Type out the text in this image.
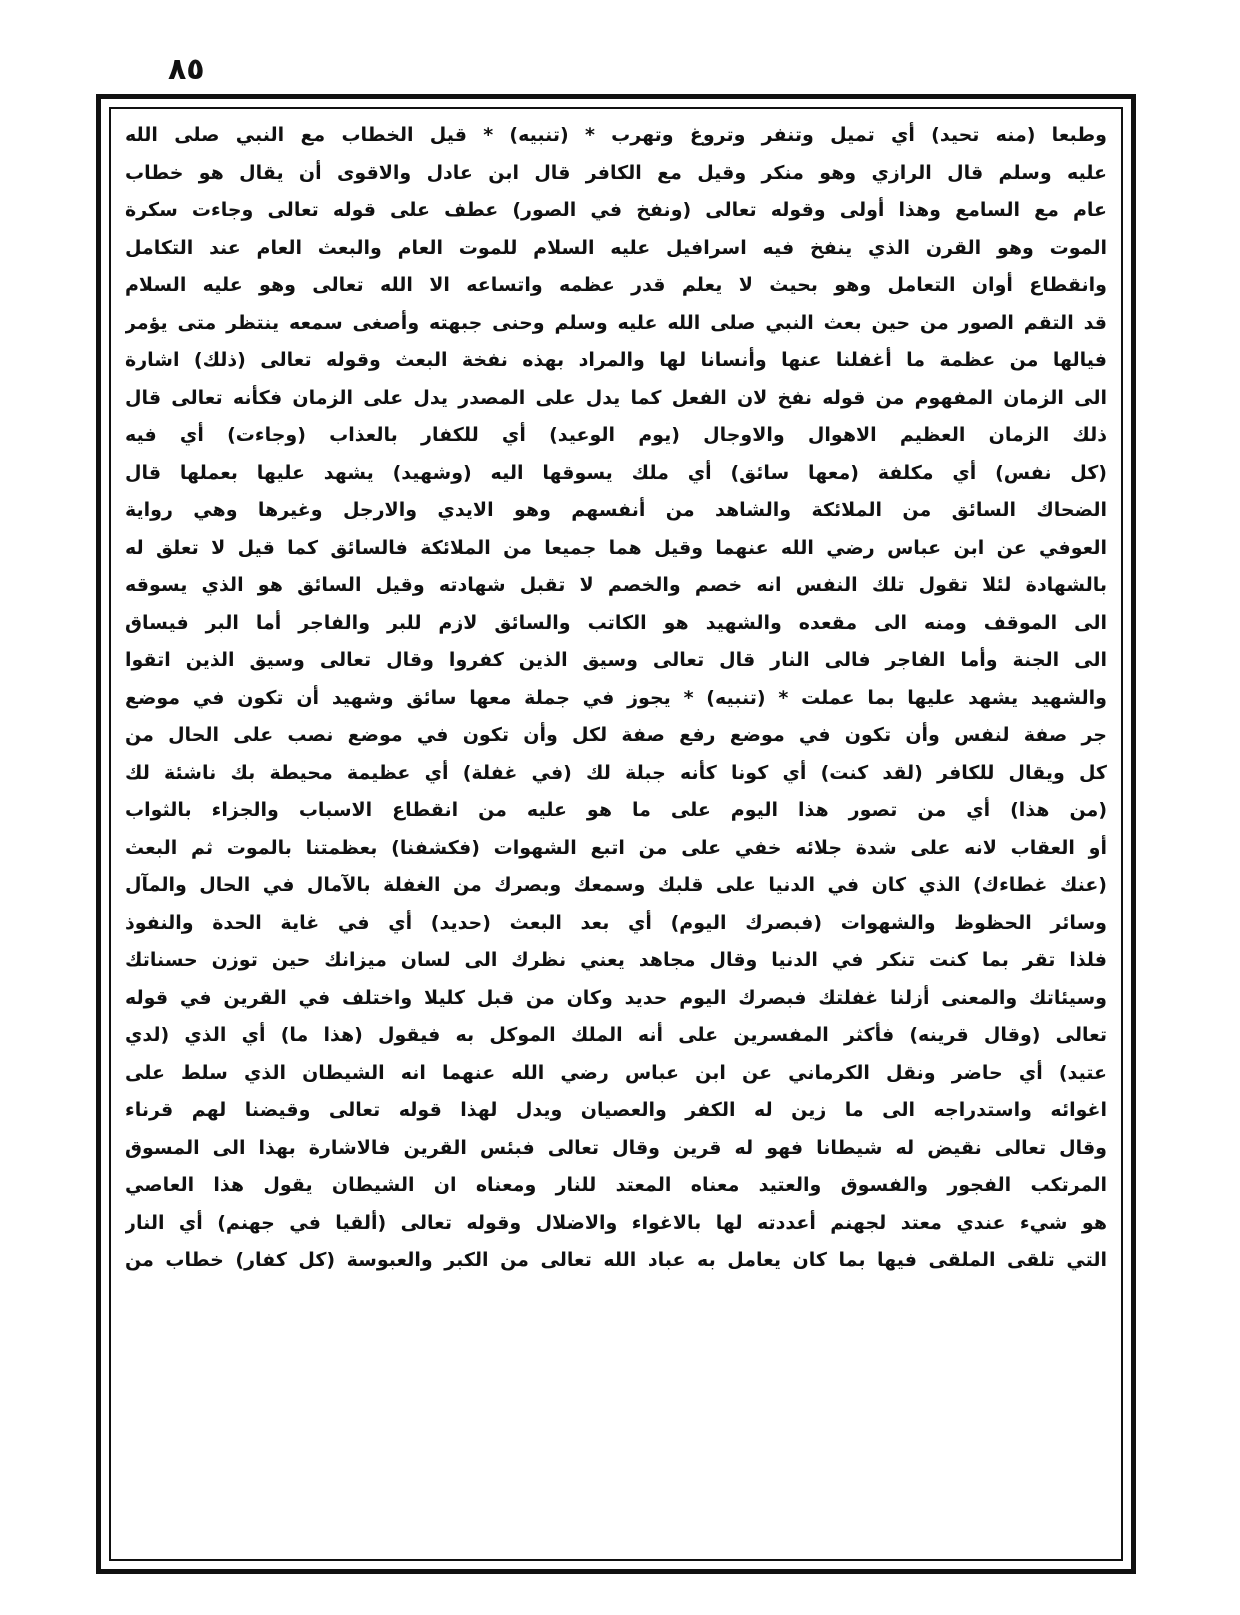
٨٥
وطبعا (منه تحيد) أي تميل وتنفر وتروغ وتهرب * (تنبيه) * قيل الخطاب مع النبي صلى الله
عليه وسلم قال الرازي وهو منكر وقيل مع الكافر قال ابن عادل والاقوى أن يقال هو خطاب
عام مع السامع وهذا أولى وقوله تعالى (ونفخ في الصور) عطف على قوله تعالى وجاءت سكرة
الموت وهو القرن الذي ينفخ فيه اسرافيل عليه السلام للموت العام والبعث العام عند التكامل
وانقطاع أوان التعامل وهو بحيث لا يعلم قدر عظمه واتساعه الا الله تعالى وهو عليه السلام
قد التقم الصور من حين بعث النبي صلى الله عليه وسلم وحنى جبهته وأصغى سمعه ينتظر متى يؤمر
فيالها من عظمة ما أغفلنا عنها وأنسانا لها والمراد بهذه نفخة البعث وقوله تعالى (ذلك) اشارة
الى الزمان المفهوم من قوله نفخ لان الفعل كما يدل على المصدر يدل على الزمان فكأنه تعالى قال
ذلك الزمان العظيم الاهوال والاوجال (يوم الوعيد) أي للكفار بالعذاب (وجاءت) أي فيه
(كل نفس) أي مكلفة (معها سائق) أي ملك يسوقها اليه (وشهيد) يشهد عليها بعملها قال
الضحاك السائق من الملائكة والشاهد من أنفسهم وهو الايدي والارجل وغيرها وهي رواية
العوفي عن ابن عباس رضي الله عنهما وقيل هما جميعا من الملائكة فالسائق كما قيل لا تعلق له
بالشهادة لئلا تقول تلك النفس انه خصم والخصم لا تقبل شهادته وقيل السائق هو الذي يسوقه
الى الموقف ومنه الى مقعده والشهيد هو الكاتب والسائق لازم للبر والفاجر أما البر فيساق
الى الجنة وأما الفاجر فالى النار قال تعالى وسيق الذين كفروا وقال تعالى وسيق الذين اتقوا
والشهيد يشهد عليها بما عملت * (تنبيه) * يجوز في جملة معها سائق وشهيد أن تكون في موضع
جر صفة لنفس وأن تكون في موضع رفع صفة لكل وأن تكون في موضع نصب على الحال من
كل ويقال للكافر (لقد كنت) أي كونا كأنه جبلة لك (في غفلة) أي عظيمة محيطة بك ناشئة لك
(من هذا) أي من تصور هذا اليوم على ما هو عليه من انقطاع الاسباب والجزاء بالثواب
أو العقاب لانه على شدة جلائه خفي على من اتبع الشهوات (فكشفنا) بعظمتنا بالموت ثم البعث
(عنك غطاءك) الذي كان في الدنيا على قلبك وسمعك وبصرك من الغفلة بالآمال في الحال والمآل
وسائر الحظوظ والشهوات (فبصرك اليوم) أي بعد البعث (حديد) أي في غاية الحدة والنفوذ
فلذا تقر بما كنت تنكر في الدنيا وقال مجاهد يعني نظرك الى لسان ميزانك حين توزن حسناتك
وسيئاتك والمعنى أزلنا غفلتك فبصرك اليوم حديد وكان من قبل كليلا واختلف في القرين في قوله
تعالى (وقال قرينه) فأكثر المفسرين على أنه الملك الموكل به فيقول (هذا ما) أي الذي (لدي
عتيد) أي حاضر ونقل الكرماني عن ابن عباس رضي الله عنهما انه الشيطان الذي سلط على
اغوائه واستدراجه الى ما زين له الكفر والعصيان ويدل لهذا قوله تعالى وقيضنا لهم قرناء
وقال تعالى نقيض له شيطانا فهو له قرين وقال تعالى فبئس القرين فالاشارة بهذا الى المسوق
المرتكب الفجور والفسوق والعتيد معناه المعتد للنار ومعناه ان الشيطان يقول هذا العاصي
هو شيء عندي معتد لجهنم أعددته لها بالاغواء والاضلال وقوله تعالى (ألقيا في جهنم) أي النار
التي تلقى الملقى فيها بما كان يعامل به عباد الله تعالى من الكبر والعبوسة (كل كفار) خطاب من
